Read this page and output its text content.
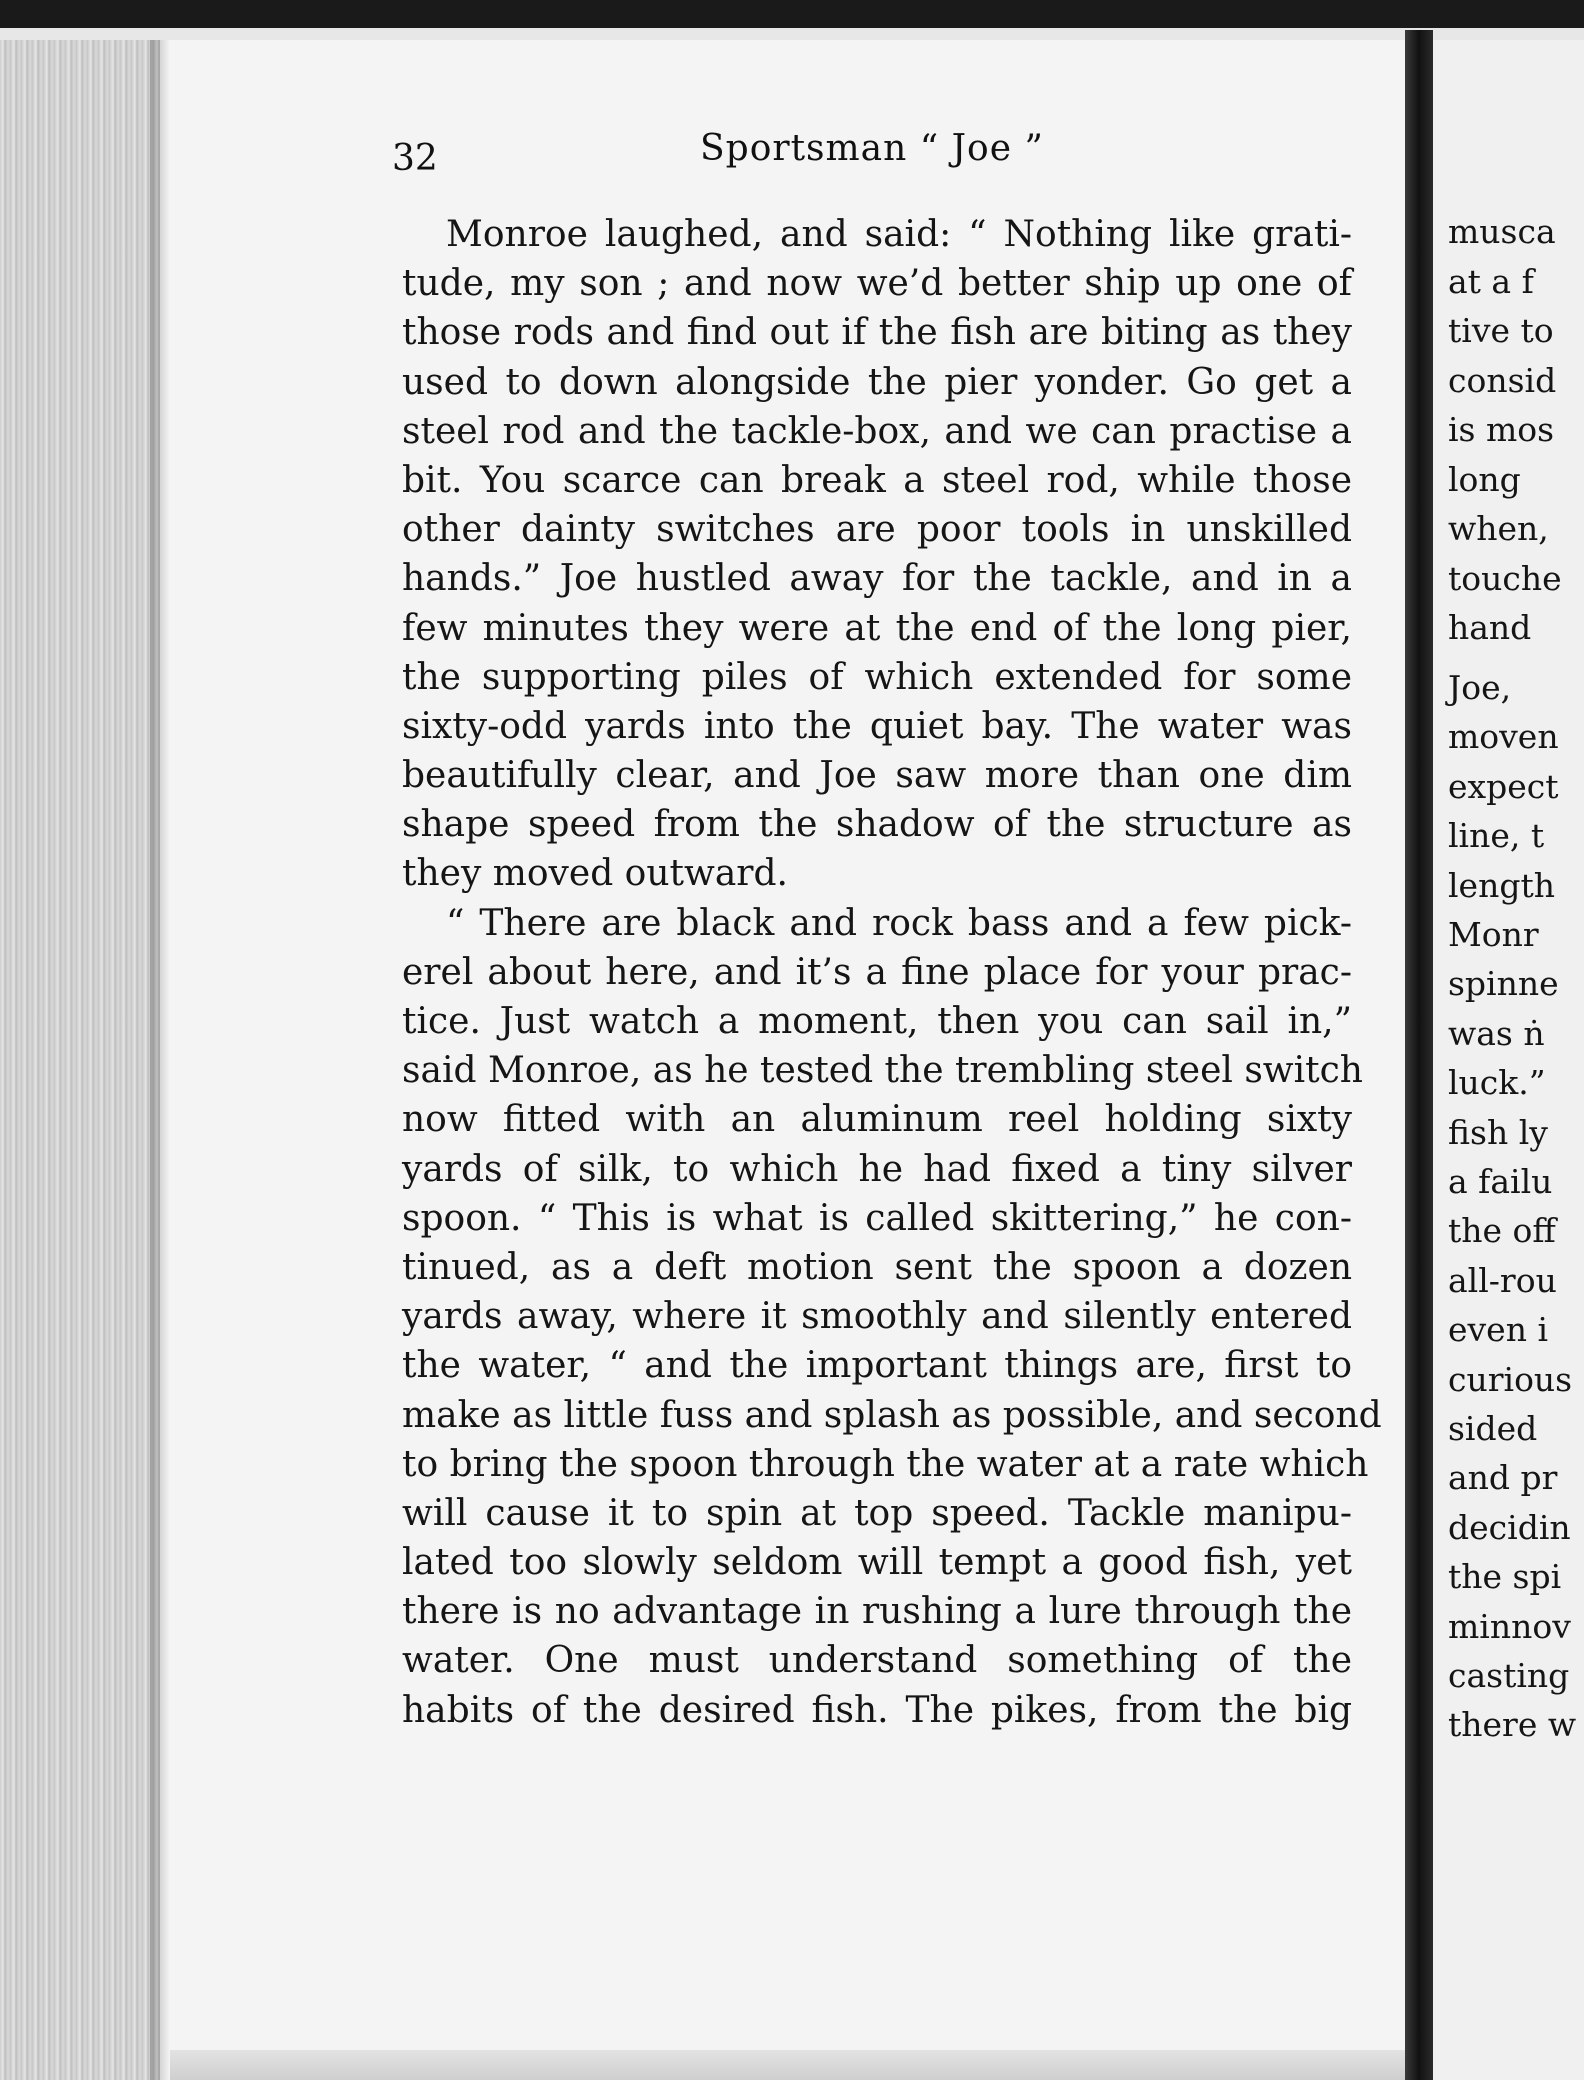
32	Sportsman “ Joe ”
Monroe laughed, and said: “ Nothing like grati-
tude, my son ; and now we’d better ship up one of
those rods and find out if the fish are biting as they
used to down alongside the pier yonder. Go get a
steel rod and the tackle-box, and we can practise a
bit. You scarce can break a steel rod, while those
other dainty switches are poor tools in unskilled
hands.” Joe hustled away for the tackle, and in a
few minutes they were at the end of the long pier,
the supporting piles of which extended for some
sixty-odd yards into the quiet bay. The water was
beautifully clear, and Joe saw more than one dim
shape speed from the shadow of the structure as
they moved outward.
“ There are black and rock bass and a few pick-
erel about here, and it’s a fine place for your prac-
tice. Just watch a moment, then you can sail in,”
said Monroe, as he tested the trembling steel switch
now fitted with an aluminum reel holding sixty
yards of silk, to which he had fixed a tiny silver
spoon. “ This is what is called skittering,” he con-
tinued, as a deft motion sent the spoon a dozen
yards away, where it smoothly and silently entered
the water, “ and the important things are, first to
make as little fuss and splash as possible, and second
to bring the spoon through the water at a rate which
will cause it to spin at top speed. Tackle manipu-
lated too slowly seldom will tempt a good fish, yet
there is no advantage in rushing a lure through the
water. One must understand something of the
habits of the desired fish. The pikes, from the big
musca
at a f
tive to
consid
is mos
long
when,
touche
hand
Joe,
moven
expect
line, t
length
Monr
spinne
was ṅ
luck.”
fish ly
a failu
the off
all-rou
even i
curious
sided
and pr
decidin
the spi
minnov
casting
there w
